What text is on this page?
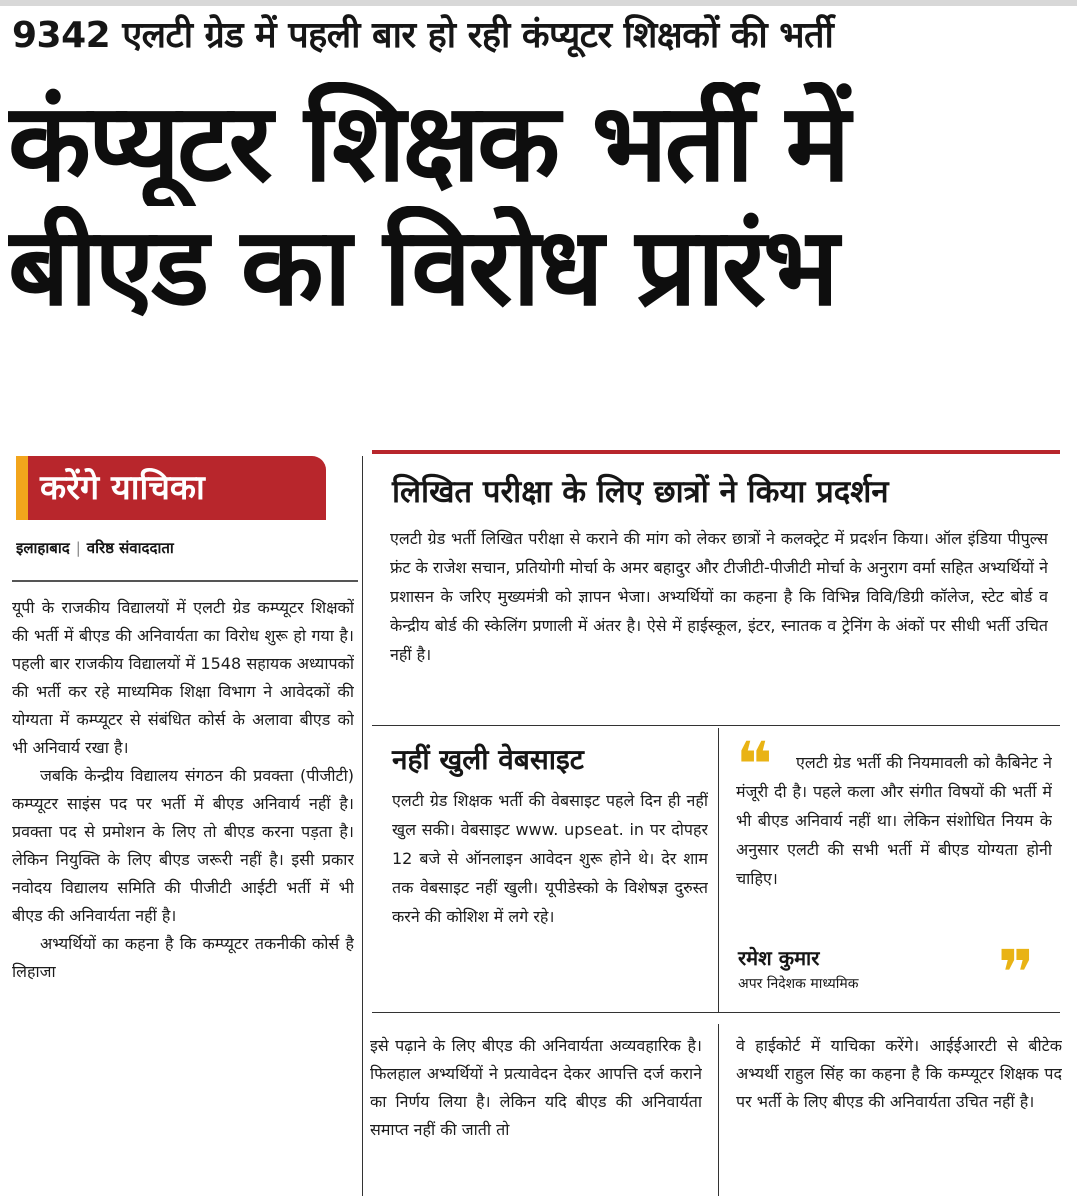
9342 एलटी ग्रेड में पहली बार हो रही कंप्यूटर शिक्षकों की भर्ती
कंप्यूटर शिक्षक भर्ती में
बीएड का विरोध प्रारंभ
करेंगे याचिका
इलाहाबाद | वरिष्ठ संवाददाता

यूपी के राजकीय विद्यालयों में एलटी ग्रेड कम्प्यूटर शिक्षकों की भर्ती में बीएड की अनिवार्यता का विरोध शुरू हो गया है। पहली बार राजकीय विद्यालयों में 1548 सहायक अध्यापकों की भर्ती कर रहे माध्यमिक शिक्षा विभाग ने आवेदकों की योग्यता में कम्प्यूटर से संबंधित कोर्स के अलावा बीएड को भी अनिवार्य रखा है।

जबकि केन्द्रीय विद्यालय संगठन की प्रवक्ता (पीजीटी) कम्प्यूटर साइंस पद पर भर्ती में बीएड अनिवार्य नहीं है। प्रवक्ता पद से प्रमोशन के लिए तो बीएड करना पड़ता है। लेकिन नियुक्ति के लिए बीएड जरूरी नहीं है। इसी प्रकार नवोदय विद्यालय समिति की पीजीटी आईटी भर्ती में भी बीएड की अनिवार्यता नहीं है।

अभ्यर्थियों का कहना है कि कम्प्यूटर तकनीकी कोर्स है लिहाजा

लिखित परीक्षा के लिए छात्रों ने किया प्रदर्शन
एलटी ग्रेड भर्ती लिखित परीक्षा से कराने की मांग को लेकर छात्रों ने कलक्ट्रेट में प्रदर्शन किया। ऑल इंडिया पीपुल्स फ्रंट के राजेश सचान, प्रतियोगी मोर्चा के अमर बहादुर और टीजीटी-पीजीटी मोर्चा के अनुराग वर्मा सहित अभ्यर्थियों ने प्रशासन के जरिए मुख्यमंत्री को ज्ञापन भेजा। अभ्यर्थियों का कहना है कि विभिन्न विवि/डिग्री कॉलेज, स्टेट बोर्ड व केन्द्रीय बोर्ड की स्केलिंग प्रणाली में अंतर है। ऐसे में हाईस्कूल, इंटर, स्नातक व ट्रेनिंग के अंकों पर सीधी भर्ती उचित नहीं है।
नहीं खुली वेबसाइट
एलटी ग्रेड शिक्षक भर्ती की वेबसाइट पहले दिन ही नहीं खुल सकी। वेबसाइट www. upseat. in पर दोपहर 12 बजे से ऑनलाइन आवेदन शुरू होने थे। देर शाम तक वेबसाइट नहीं खुली। यूपीडेस्को के विशेषज्ञ दुरुस्त करने की कोशिश में लगे रहे।
❝	एलटी ग्रेड भर्ती की नियमावली को कैबिनेट ने मंजूरी दी है। पहले कला और संगीत विषयों की भर्ती में भी बीएड अनिवार्य नहीं था। लेकिन संशोधित नियम के अनुसार एलटी की सभी भर्ती में बीएड योग्यता होनी चाहिए।

रमेश कुमार
अपर निदेशक माध्यमिक ❞

इसे पढ़ाने के लिए बीएड की अनिवार्यता अव्यवहारिक है। फिलहाल अभ्यर्थियों ने प्रत्यावेदन देकर आपत्ति दर्ज कराने का निर्णय लिया है। लेकिन यदि बीएड की अनिवार्यता समाप्त नहीं की जाती तो

वे हाईकोर्ट में याचिका करेंगे। आईईआरटी से बीटेक अभ्यर्थी राहुल सिंह का कहना है कि कम्प्यूटर शिक्षक पद पर भर्ती के लिए बीएड की अनिवार्यता उचित नहीं है।
